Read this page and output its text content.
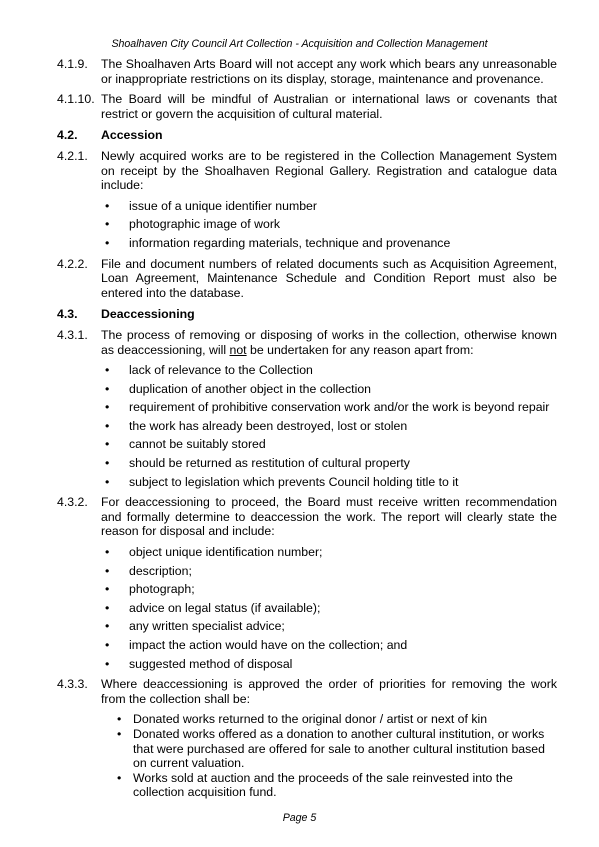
Shoalhaven City Council Art Collection - Acquisition and Collection Management
4.1.9.	The Shoalhaven Arts Board will not accept any work which bears any unreasonable or inappropriate restrictions on its display, storage, maintenance and provenance.
4.1.10. The Board will be mindful of Australian or international laws or covenants that restrict or govern the acquisition of cultural material.
4.2.	Accession
4.2.1.	Newly acquired works are to be registered in the Collection Management System on receipt by the Shoalhaven Regional Gallery. Registration and catalogue data include:
•	issue of a unique identifier number
•	photographic image of work
•	information regarding materials, technique and provenance
4.2.2.	File and document numbers of related documents such as Acquisition Agreement, Loan Agreement, Maintenance Schedule and Condition Report must also be entered into the database.
4.3.	Deaccessioning
4.3.1.	The process of removing or disposing of works in the collection, otherwise known as deaccessioning, will not be undertaken for any reason apart from:
•	lack of relevance to the Collection
•	duplication of another object in the collection
•	requirement of prohibitive conservation work and/or the work is beyond repair
•	the work has already been destroyed, lost or stolen
•	cannot be suitably stored
•	should be returned as restitution of cultural property
•	subject to legislation which prevents Council holding title to it
4.3.2.	For deaccessioning to proceed, the Board must receive written recommendation and formally determine to deaccession the work. The report will clearly state the reason for disposal and include:
•	object unique identification number;
•	description;
•	photograph;
•	advice on legal status (if available);
•	any written specialist advice;
•	impact the action would have on the collection; and
•	suggested method of disposal
4.3.3.	Where deaccessioning is approved the order of priorities for removing the work from the collection shall be:
• Donated works returned to the original donor / artist or next of kin
• Donated works offered as a donation to another cultural institution, or works that were purchased are offered for sale to another cultural institution based on current valuation.
• Works sold at auction and the proceeds of the sale reinvested into the collection acquisition fund.
Page 5
